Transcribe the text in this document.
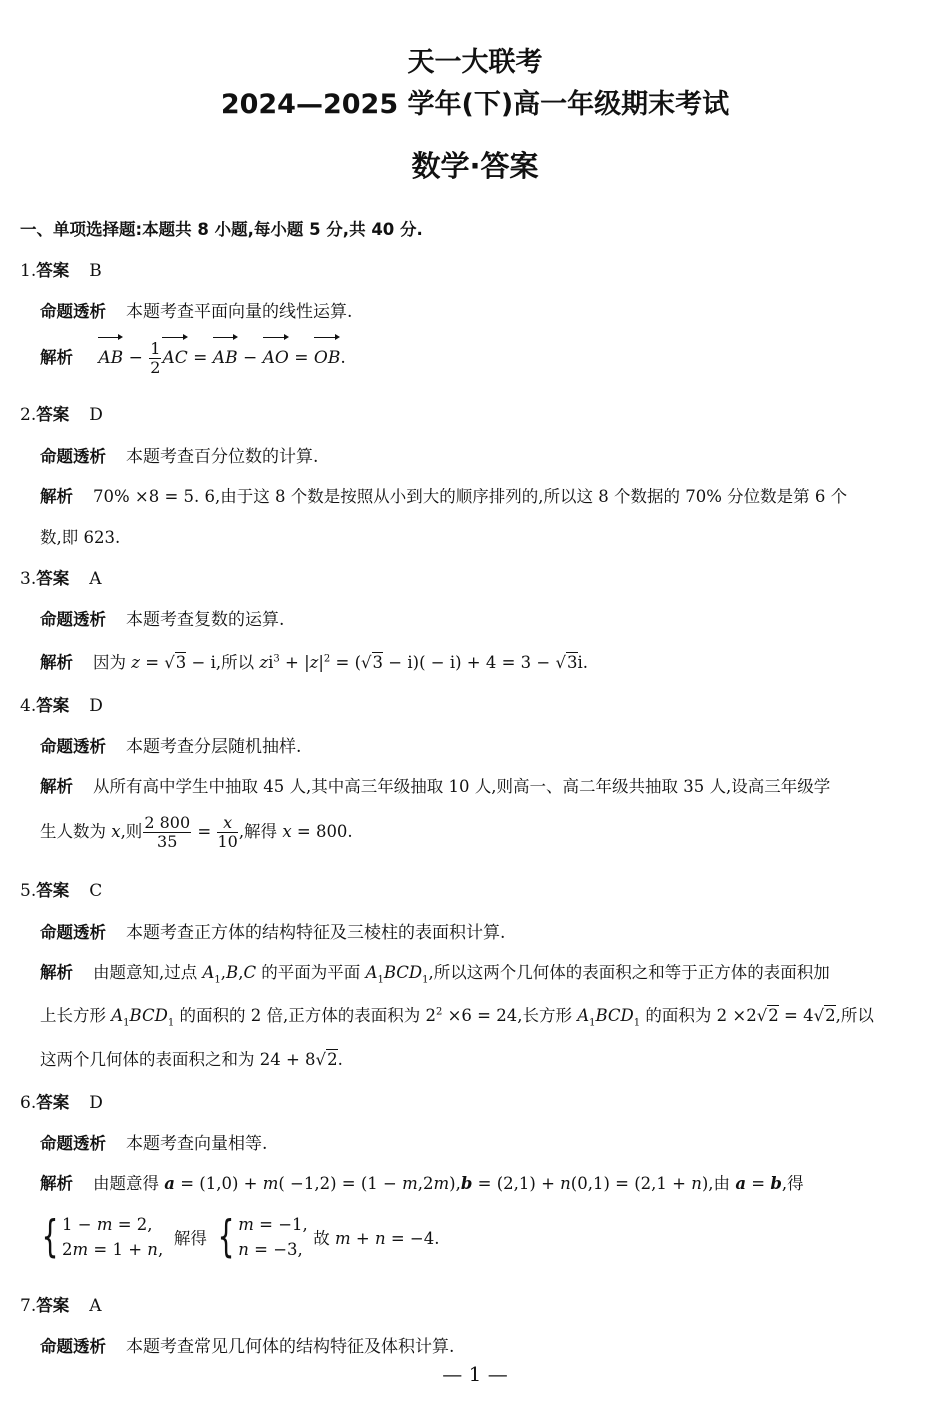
天一大联考
2024—2025 学年(下)高一年级期末考试
数学·答案
一、单项选择题:本题共 8 小题,每小题 5 分,共 40 分.
1.答案 B
命题透析 本题考查平面向量的线性运算.
解析 AB − $\frac{1}{2}$ AC = AB − AO = OB.
2.答案 D
命题透析 本题考查百分位数的计算.
解析 70% ×8 = 5. 6,由于这 8 个数是按照从小到大的顺序排列的,所以这 8 个数据的 70% 分位数是第 6 个
数,即 623.
3.答案 A
命题透析 本题考查复数的运算.
解析 因为 z = √3 − i,所以 $zi^3 + |z|^2 = (√3 - i)( - i) + 4 = 3 - √3i$.
4.答案 D
命题透析 本题考查分层随机抽样.
解析 从所有高中学生中抽取 45 人,其中高三年级抽取 10 人,则高一、高二年级共抽取 35 人,设高三年级学
生人数为 x,则 $\frac{2 800}{35} = \frac{x}{10}$ ,解得 x = 800.
5.答案 C
命题透析 本题考查正方体的结构特征及三棱柱的表面积计算.
解析 由题意知,过点 $A_1,B,C$ 的平面为平面 $A_1BCD_1$,所以这两个几何体的表面积之和等于正方体的表面积加
上长方形 $A_1BCD_1$ 的面积的 2 倍,正方体的表面积为 $2^2 \times 6 = 24$,长方形 $A_1BCD_1$ 的面积为 2 ×2√2 = 4√2,所以
这两个几何体的表面积之和为 24 + 8√2.
6.答案 D
命题透析 本题考查向量相等.
解析 由题意得 a = (1,0) + m( −1,2) = (1 − m,2m),b = (2,1) + n(0,1) = (2,1 + n),由 a = b,得
{ 1 − m = 2,
2m = 1 + n,
解得 { m = −1,
n = −3,
故 m + n = −4.
7.答案 A
命题透析 本题考查常见几何体的结构特征及体积计算.
— 1 —
